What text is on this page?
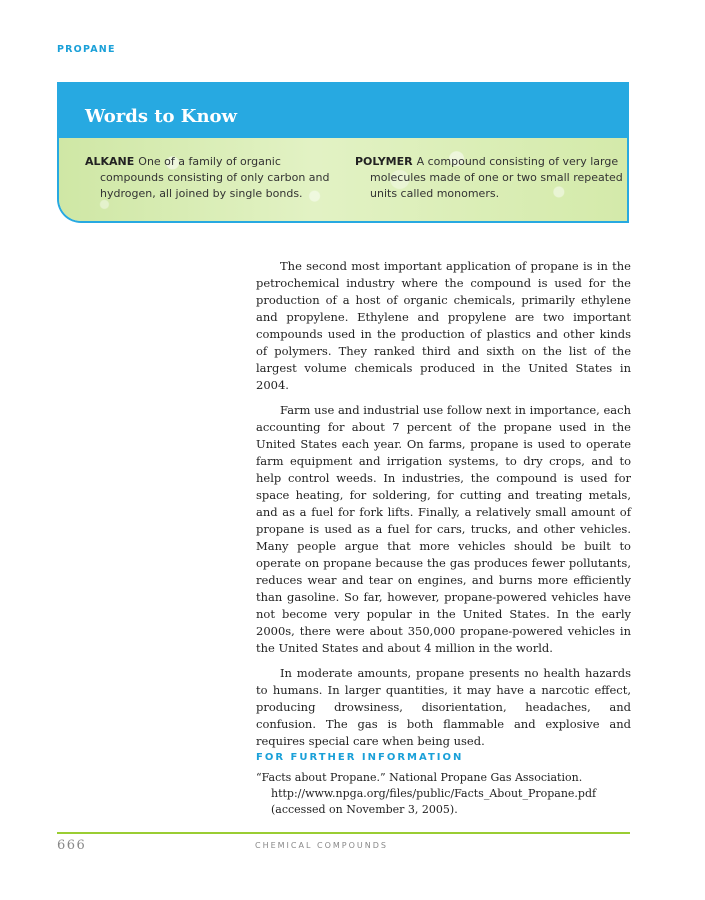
PROPANE
Words to Know
ALKANE One of a family of organic compounds consisting of only carbon and hydrogen, all joined by single bonds.
POLYMER A compound consisting of very large molecules made of one or two small repeated units called monomers.

The second most important application of propane is in the petrochemical industry where the compound is used for the production of a host of organic chemicals, primarily ethylene and propylene. Ethylene and propylene are two important compounds used in the production of plastics and other kinds of polymers. They ranked third and sixth on the list of the largest volume chemicals produced in the United States in 2004.

Farm use and industrial use follow next in importance, each accounting for about 7 percent of the propane used in the United States each year. On farms, propane is used to operate farm equipment and irrigation systems, to dry crops, and to help control weeds. In industries, the compound is used for space heating, for soldering, for cutting and treating metals, and as a fuel for fork lifts. Finally, a relatively small amount of propane is used as a fuel for cars, trucks, and other vehicles. Many people argue that more vehicles should be built to operate on propane because the gas produces fewer pollutants, reduces wear and tear on engines, and burns more efficiently than gasoline. So far, however, propane-powered vehicles have not become very popular in the United States. In the early 2000s, there were about 350,000 propane-powered vehicles in the United States and about 4 million in the world.

In moderate amounts, propane presents no health hazards to humans. In larger quantities, it may have a narcotic effect, producing drowsiness, disorientation, headaches, and confusion. The gas is both flammable and explosive and requires special care when being used.

FOR FURTHER INFORMATION
“Facts about Propane.” National Propane Gas Association.
http://www.npga.org/files/public/Facts_About_Propane.pdf
(accessed on November 3, 2005).
666	CHEMICAL COMPOUNDS
